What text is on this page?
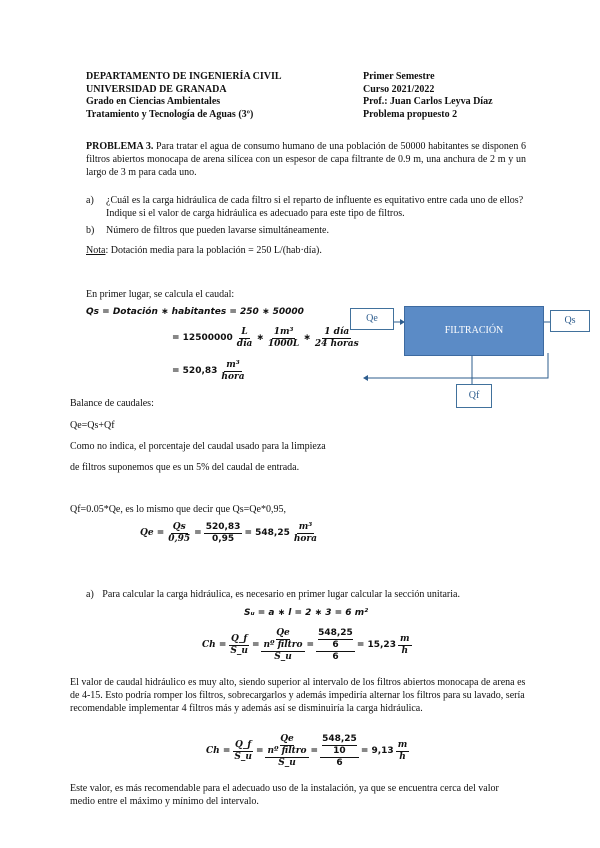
DEPARTAMENTO DE INGENIERÍA CIVIL
UNIVERSIDAD DE GRANADA
Grado en Ciencias Ambientales
Tratamiento y Tecnología de Aguas (3º)
Primer Semestre
Curso 2021/2022
Prof.: Juan Carlos Leyva Díaz
Problema propuesto 2
PROBLEMA 3. Para tratar el agua de consumo humano de una población de 50000 habitantes se disponen 6 filtros abiertos monocapa de arena silícea con un espesor de capa filtrante de 0.9 m, una anchura de 2 m y un largo de 3 m para cada uno.
a) ¿Cuál es la carga hidráulica de cada filtro si el reparto de influente es equitativo entre cada uno de ellos? Indique si el valor de carga hidráulica es adecuado para este tipo de filtros.
b) Número de filtros que pueden lavarse simultáneamente.
Nota: Dotación media para la población = 250 L/(hab·día).
En primer lugar, se calcula el caudal:
Qs = Dotación ∗ habitantes = 250 ∗ 50000
= 12500000
L
día
∗
1m³
1000L
∗
1 día
24 horas
= 520,83
m³
hora
Qe
FILTRACIÓN
Qs
Qf
Balance de caudales:
Qe=Qs+Qf
Como no indica, el porcentaje del caudal usado para la limpieza
de filtros suponemos que es un 5% del caudal de entrada.
Qf=0.05*Qe, es lo mismo que decir que Qs=Qe*0,95,
$Qe = \frac{Qs}{0,95} = \frac{520,83}{0,95} = 548,25$
m³
hora
a) Para calcular la carga hidráulica, es necesario en primer lugar calcular la sección unitaria.
Sᵤ = a ∗ l = 2 ∗ 3 = 6 m²
$Ch = \frac{Q\_f}{S\_u}$ =
Qe
nº filtro
S_u
= 548,25
6
6 = 15,23
m
h
El valor de caudal hidráulico es muy alto, siendo superior al intervalo de los filtros abiertos monocapa de arena es de 4-15. Esto podría romper los filtros, sobrecargarlos y además impediría alternar los filtros para su lavado, sería recomendable implementar 4 filtros más y además así se disminuiría la carga hidráulica.
$Ch = \frac{Q\_f}{S\_u}$ =
Qe
nº filtro
S_u
= 548,25
10
6 = 9,13
m
h
Este valor, es más recomendable para el adecuado uso de la instalación, ya que se encuentra cerca del valor medio entre el máximo y mínimo del intervalo.
